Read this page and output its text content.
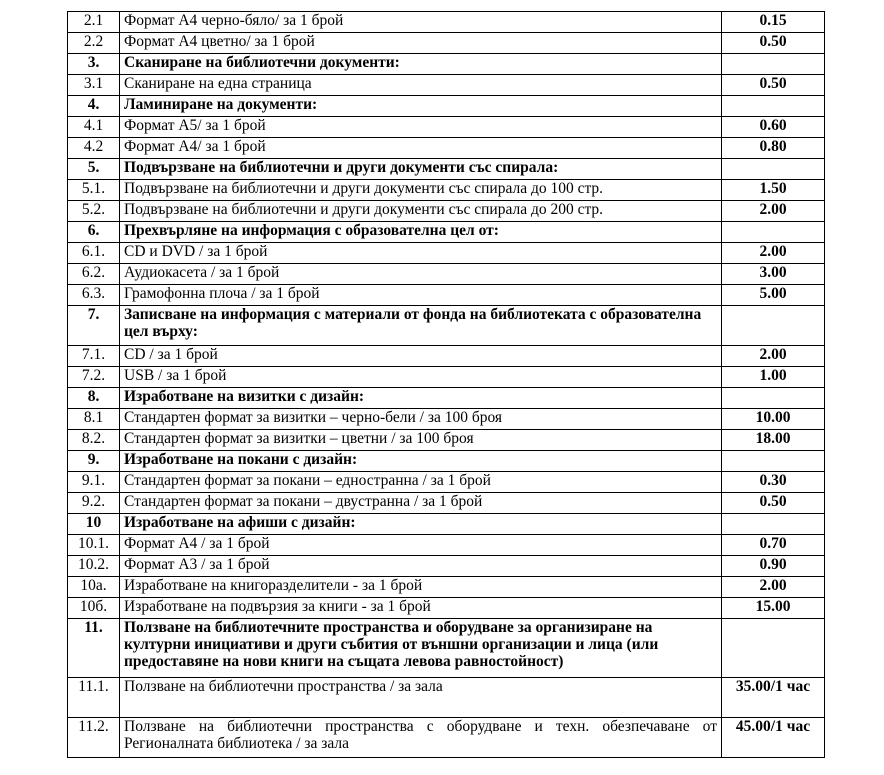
2.1	Формат А4 черно-бяло/ за 1 брой	0.15
2.2	Формат А4 цветно/ за 1 брой	0.50
3.	Сканиране на библиотечни документи:	
3.1	Сканиране на една страница	0.50
4.	Ламиниране на документи:	
4.1	Формат А5/ за 1 брой	0.60
4.2	Формат А4/ за 1 брой	0.80
5.	Подвързване на библиотечни и други документи със спирала:	
5.1.	Подвързване на библиотечни и други документи със спирала до 100 стр.	1.50
5.2.	Подвързване на библиотечни и други документи със спирала до 200 стр.	2.00
6.	Прехвърляне на информация с образователна цел от:	
6.1.	CD и DVD / за 1 брой	2.00
6.2.	Аудиокасета / за 1 брой	3.00
6.3.	Грамофонна плоча / за 1 брой	5.00
7.	Записване на информация с материали от фонда на библиотеката с образователна цел върху:	
7.1.	CD / за 1 брой	2.00
7.2.	USB / за 1 брой	1.00
8.	Изработване на визитки с дизайн:	
8.1	Стандартен формат за визитки – черно-бели / за 100 броя	10.00
8.2.	Стандартен формат за визитки – цветни / за 100 броя	18.00
9.	Изработване на покани с дизайн:	
9.1.	Стандартен формат за покани – едностранна / за 1 брой	0.30
9.2.	Стандартен формат за покани – двустранна / за 1 брой	0.50
10	Изработване на афиши с дизайн:	
10.1.	Формат А4 / за 1 брой	0.70
10.2.	Формат А3 / за 1 брой	0.90
10а.	Изработване на книгоразделители - за 1 брой	2.00
10б.	Изработване на подвързия за книги - за 1 брой	15.00
11.	Ползване на библиотечните пространства и оборудване за организиране на културни инициативи и други събития от външни организации и лица (или предоставяне на нови книги на същата левова равностойност)	
11.1.	Ползване на библиотечни пространства / за зала	35.00/1 час
11.2.	Ползване на библиотечни пространства с оборудване и техн. обезпечаване от Регионалната библиотека / за зала	45.00/1 час
